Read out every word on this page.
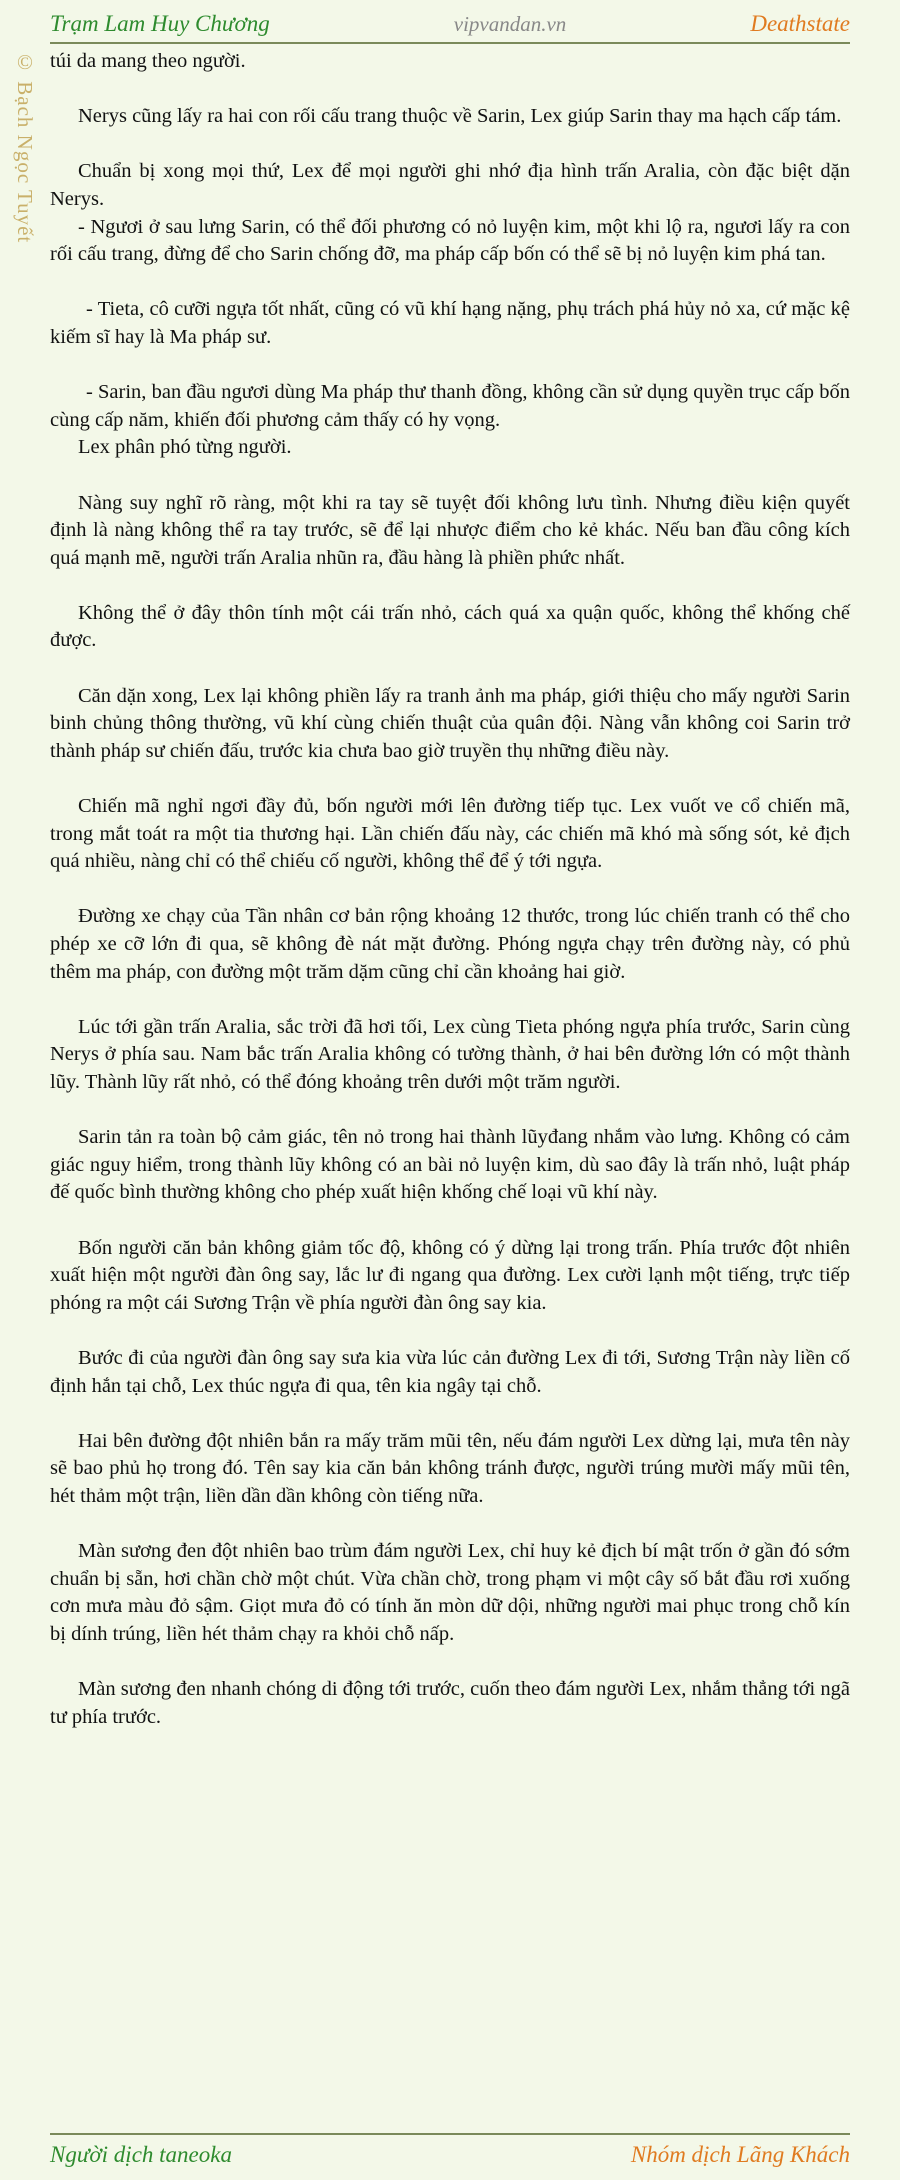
Trạm Lam Huy Chương	vipvandan.vn	Deathstate
© Bạch Ngọc Tuyết túi da mang theo người.

Nerys cũng lấy ra hai con rối cấu trang thuộc về Sarin, Lex giúp Sarin thay ma hạch cấp tám.

Chuẩn bị xong mọi thứ, Lex để mọi người ghi nhớ địa hình trấn Aralia, còn đặc biệt dặn Nerys.

- Ngươi ở sau lưng Sarin, có thể đối phương có nỏ luyện kim, một khi lộ ra, ngươi lấy ra con rối cấu trang, đừng để cho Sarin chống đỡ, ma pháp cấp bốn có thể sẽ bị nỏ luyện kim phá tan.

- Tieta, cô cưỡi ngựa tốt nhất, cũng có vũ khí hạng nặng, phụ trách phá hủy nỏ xa, cứ mặc kệ kiếm sĩ hay là Ma pháp sư.

- Sarin, ban đầu ngươi dùng Ma pháp thư thanh đồng, không cần sử dụng quyền trục cấp bốn cùng cấp năm, khiến đối phương cảm thấy có hy vọng.

Lex phân phó từng người.

Nàng suy nghĩ rõ ràng, một khi ra tay sẽ tuyệt đối không lưu tình. Nhưng điều kiện quyết định là nàng không thể ra tay trước, sẽ để lại nhược điểm cho kẻ khác. Nếu ban đầu công kích quá mạnh mẽ, người trấn Aralia nhũn ra, đầu hàng là phiền phức nhất.

Không thể ở đây thôn tính một cái trấn nhỏ, cách quá xa quận quốc, không thể khống chế được.

Căn dặn xong, Lex lại không phiền lấy ra tranh ảnh ma pháp, giới thiệu cho mấy người Sarin binh chủng thông thường, vũ khí cùng chiến thuật của quân đội. Nàng vẫn không coi Sarin trở thành pháp sư chiến đấu, trước kia chưa bao giờ truyền thụ những điều này.

Chiến mã nghỉ ngơi đầy đủ, bốn người mới lên đường tiếp tục. Lex vuốt ve cổ chiến mã, trong mắt toát ra một tia thương hại. Lần chiến đấu này, các chiến mã khó mà sống sót, kẻ địch quá nhiều, nàng chỉ có thể chiếu cố người, không thể để ý tới ngựa.

Đường xe chạy của Tần nhân cơ bản rộng khoảng 12 thước, trong lúc chiến tranh có thể cho phép xe cỡ lớn đi qua, sẽ không đè nát mặt đường. Phóng ngựa chạy trên đường này, có phủ thêm ma pháp, con đường một trăm dặm cũng chỉ cần khoảng hai giờ.

Lúc tới gần trấn Aralia, sắc trời đã hơi tối, Lex cùng Tieta phóng ngựa phía trước, Sarin cùng Nerys ở phía sau. Nam bắc trấn Aralia không có tường thành, ở hai bên đường lớn có một thành lũy. Thành lũy rất nhỏ, có thể đóng khoảng trên dưới một trăm người.

Sarin tản ra toàn bộ cảm giác, tên nỏ trong hai thành lũyđang nhắm vào lưng. Không có cảm giác nguy hiểm, trong thành lũy không có an bài nỏ luyện kim, dù sao đây là trấn nhỏ, luật pháp đế quốc bình thường không cho phép xuất hiện khống chế loại vũ khí này.

Bốn người căn bản không giảm tốc độ, không có ý dừng lại trong trấn. Phía trước đột nhiên xuất hiện một người đàn ông say, lắc lư đi ngang qua đường. Lex cười lạnh một tiếng, trực tiếp phóng ra một cái Sương Trận về phía người đàn ông say kia.

Bước đi của người đàn ông say sưa kia vừa lúc cản đường Lex đi tới, Sương Trận này liền cố định hắn tại chỗ, Lex thúc ngựa đi qua, tên kia ngây tại chỗ.

Hai bên đường đột nhiên bắn ra mấy trăm mũi tên, nếu đám người Lex dừng lại, mưa tên này sẽ bao phủ họ trong đó. Tên say kia căn bản không tránh được, người trúng mười mấy mũi tên, hét thảm một trận, liền dần dần không còn tiếng nữa.

Màn sương đen đột nhiên bao trùm đám người Lex, chỉ huy kẻ địch bí mật trốn ở gần đó sớm chuẩn bị sẵn, hơi chần chờ một chút. Vừa chần chờ, trong phạm vi một cây số bắt đầu rơi xuống cơn mưa màu đỏ sậm. Giọt mưa đỏ có tính ăn mòn dữ dội, những người mai phục trong chỗ kín bị dính trúng, liền hét thảm chạy ra khỏi chỗ nấp.

Màn sương đen nhanh chóng di động tới trước, cuốn theo đám người Lex, nhắm thẳng tới ngã tư phía trước.

Người dịch taneoka	Nhóm dịch Lãng Khách
